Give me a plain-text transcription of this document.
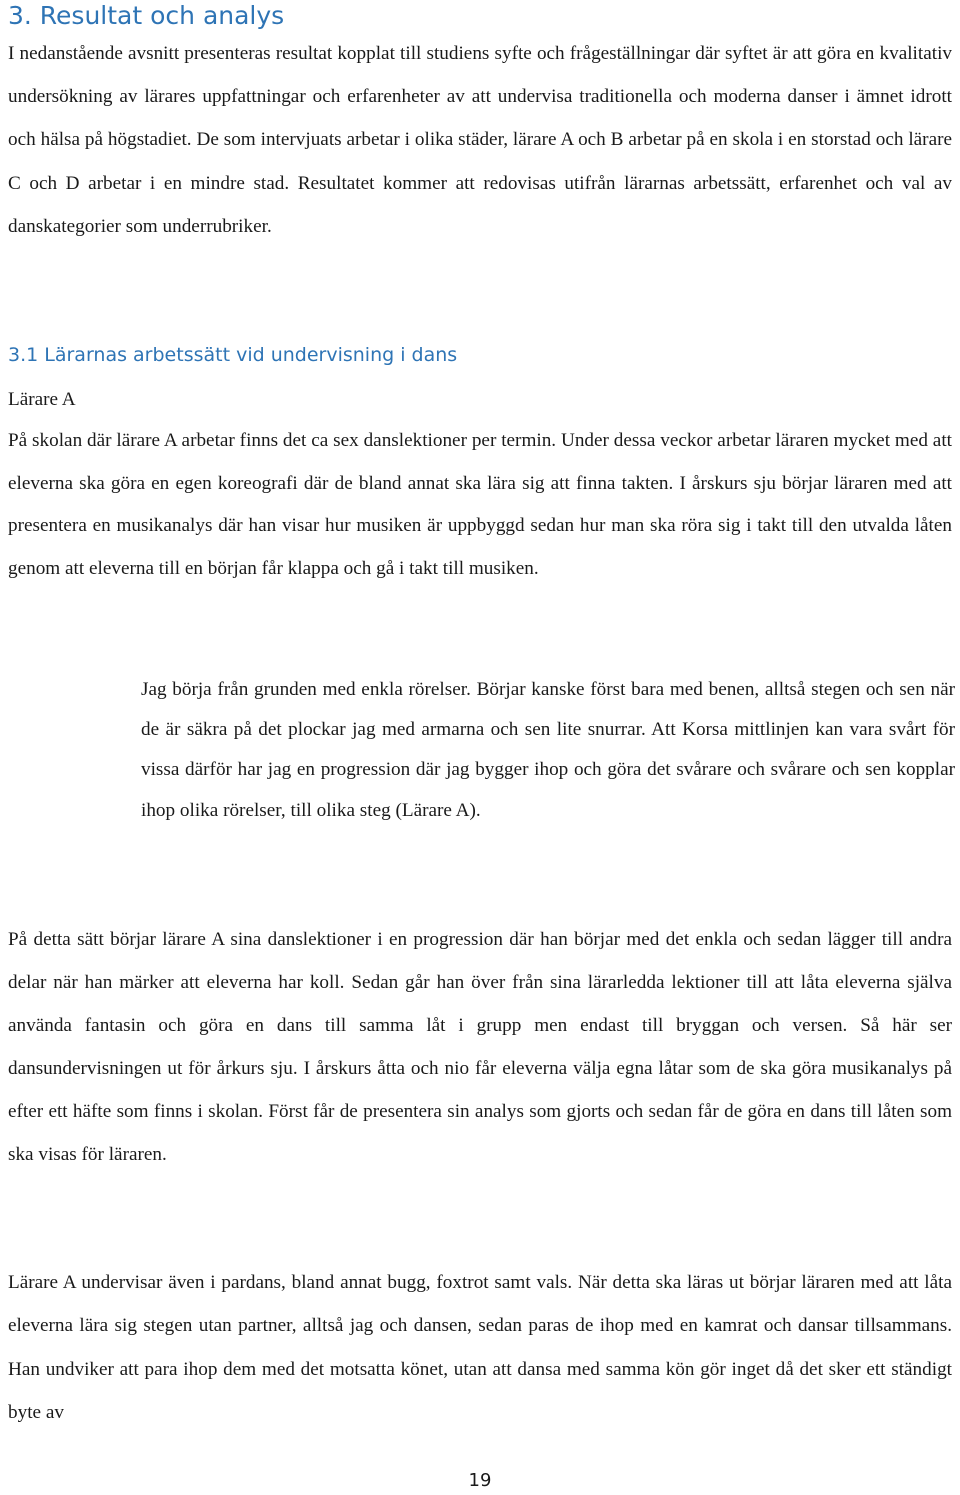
3. Resultat och analys

I nedanstående avsnitt presenteras resultat kopplat till studiens syfte och frågeställningar där syftet är att göra en kvalitativ undersökning av lärares uppfattningar och erfarenheter av att undervisa traditionella och moderna danser i ämnet idrott och hälsa på högstadiet. De som intervjuats arbetar i olika städer, lärare A och B arbetar på en skola i en storstad och lärare C och D arbetar i en mindre stad. Resultatet kommer att redovisas utifrån lärarnas arbetssätt, erfarenhet och val av danskategorier som underrubriker.

3.1 Lärarnas arbetssätt vid undervisning i dans

Lärare A

På skolan där lärare A arbetar finns det ca sex danslektioner per termin. Under dessa veckor arbetar läraren mycket med att eleverna ska göra en egen koreografi där de bland annat ska lära sig att finna takten. I årskurs sju börjar läraren med att presentera en musikanalys där han visar hur musiken är uppbyggd sedan hur man ska röra sig i takt till den utvalda låten genom att eleverna till en början får klappa och gå i takt till musiken.

Jag börja från grunden med enkla rörelser. Börjar kanske först bara med benen, alltså stegen och sen när de är säkra på det plockar jag med armarna och sen lite snurrar. Att Korsa mittlinjen kan vara svårt för vissa därför har jag en progression där jag bygger ihop och göra det svårare och svårare och sen kopplar ihop olika rörelser, till olika steg (Lärare A).

På detta sätt börjar lärare A sina danslektioner i en progression där han börjar med det enkla och sedan lägger till andra delar när han märker att eleverna har koll. Sedan går han över från sina lärarledda lektioner till att låta eleverna själva använda fantasin och göra en dans till samma låt i grupp men endast till bryggan och versen. Så här ser dansundervisningen ut för årkurs sju. I årskurs åtta och nio får eleverna välja egna låtar som de ska göra musikanalys på efter ett häfte som finns i skolan. Först får de presentera sin analys som gjorts och sedan får de göra en dans till låten som ska visas för läraren.

Lärare A undervisar även i pardans, bland annat bugg, foxtrot samt vals. När detta ska läras ut börjar läraren med att låta eleverna lära sig stegen utan partner, alltså jag och dansen, sedan paras de ihop med en kamrat och dansar tillsammans. Han undviker att para ihop dem med det motsatta könet, utan att dansa med samma kön gör inget då det sker ett ständigt byte av

19
